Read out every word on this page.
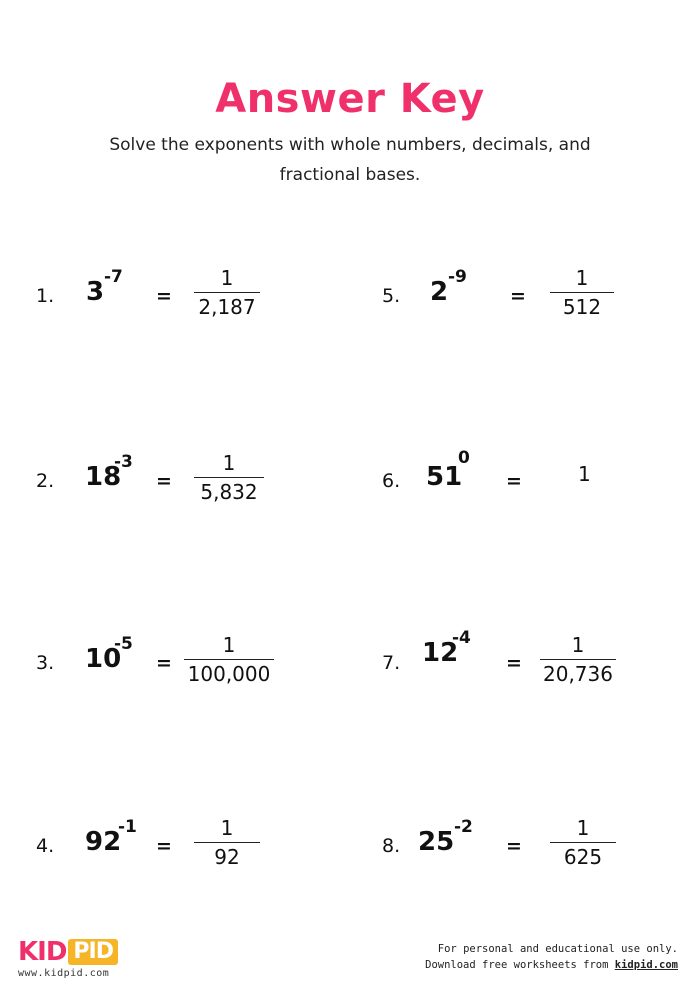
Answer Key
Solve the exponents with whole numbers, decimals, and fractional bases.
1. 3 -7
=
1
2,187
2. 18
-3
=
1
5,832
3. 10
-5
=
1
100,000
4. 92
-1
=
1
92
5. 2 -9
=
1
512
6. 51
0
=	1
7. 12
-4
=
1
20,736
8. 25 -2
=
1
625
KID PID
www.kidpid.com
For personal and educational use only.
Download free worksheets from kidpid.com
